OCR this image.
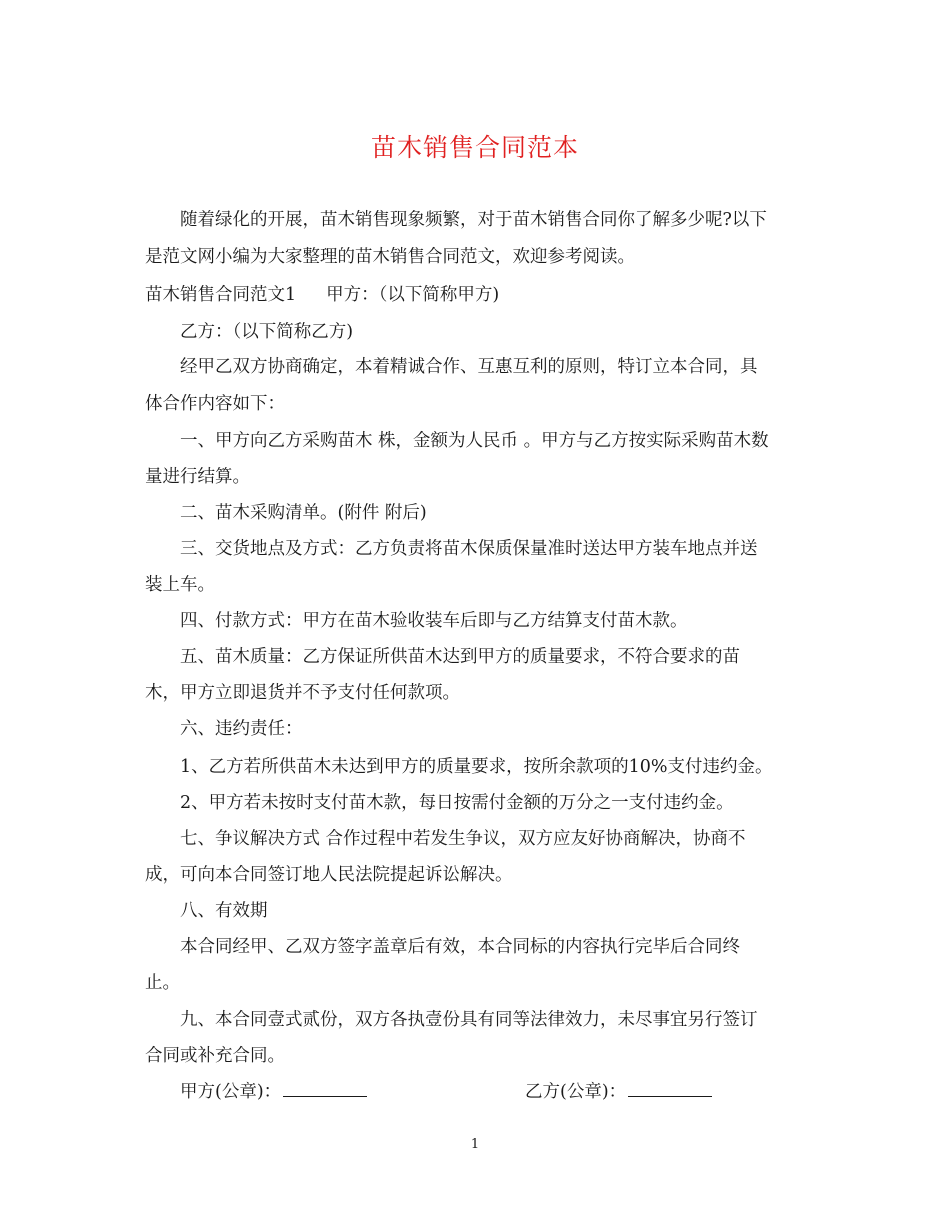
苗木销售合同范本
随着绿化的开展，苗木销售现象频繁，对于苗木销售合同你了解多少呢?以下
是范文网小编为大家整理的苗木销售合同范文，欢迎参考阅读。
苗木销售合同范文1 甲方：（以下简称甲方)
乙方：（以下简称乙方)
经甲乙双方协商确定，本着精诚合作、互惠互利的原则，特订立本合同，具
体合作内容如下：
一、甲方向乙方采购苗木 株，金额为人民币 。甲方与乙方按实际采购苗木数
量进行结算。
二、苗木采购清单。(附件 附后)
三、交货地点及方式：乙方负责将苗木保质保量准时送达甲方装车地点并送
装上车。
四、付款方式：甲方在苗木验收装车后即与乙方结算支付苗木款。
五、苗木质量：乙方保证所供苗木达到甲方的质量要求，不符合要求的苗
木，甲方立即退货并不予支付任何款项。
六、违约责任：
1、乙方若所供苗木未达到甲方的质量要求，按所余款项的10%支付违约金。
2、甲方若未按时支付苗木款，每日按需付金额的万分之一支付违约金。
七、争议解决方式 合作过程中若发生争议，双方应友好协商解决，协商不
成，可向本合同签订地人民法院提起诉讼解决。
八、有效期
本合同经甲、乙双方签字盖章后有效，本合同标的内容执行完毕后合同终
止。
九、本合同壹式贰份，双方各执壹份具有同等法律效力，未尽事宜另行签订
合同或补充合同。
甲方(公章)：	乙方(公章)：
1
